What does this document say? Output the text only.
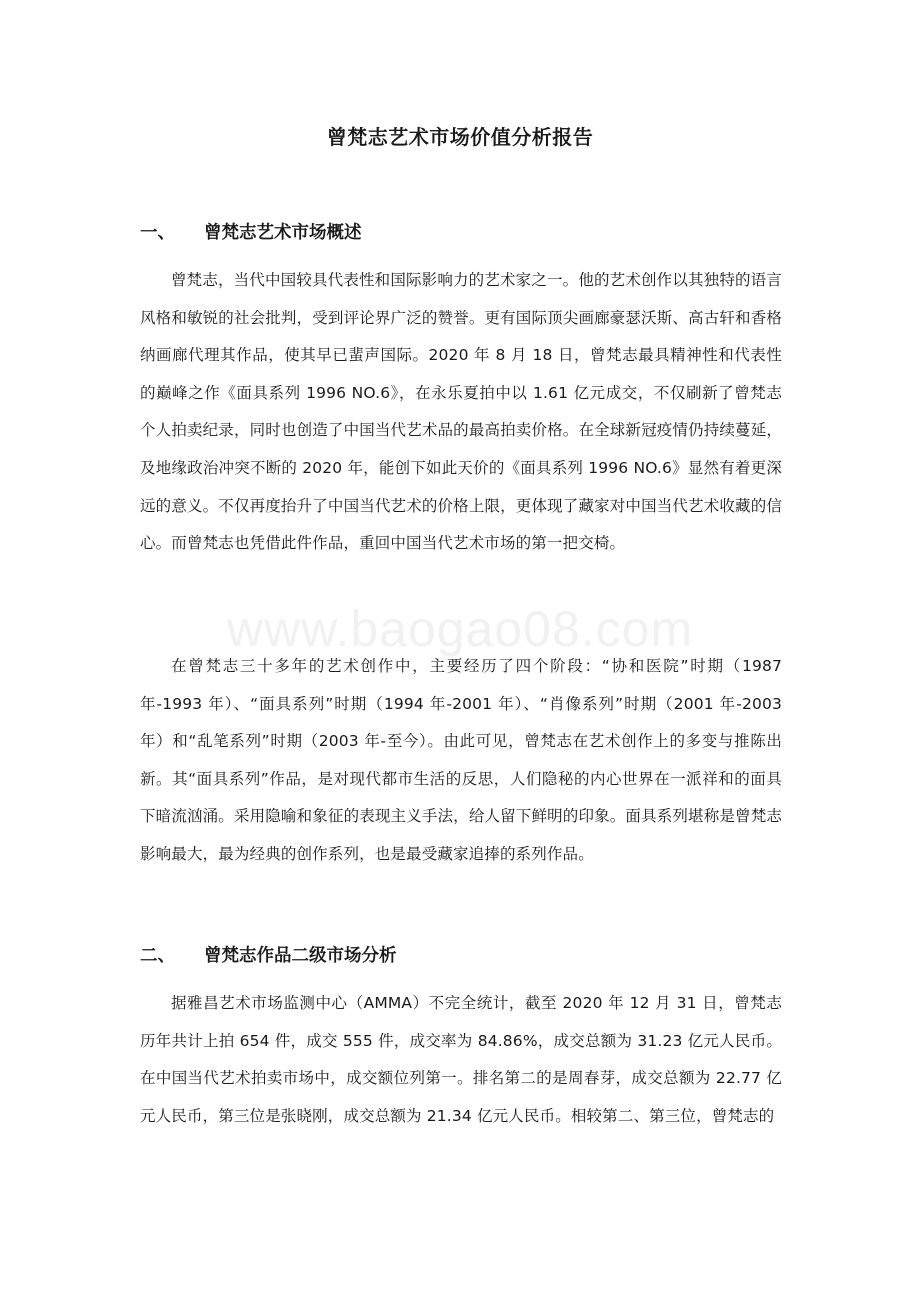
www.baogao08.com
曾梵志艺术市场价值分析报告
一、 曾梵志艺术市场概述

曾梵志，当代中国较具代表性和国际影响力的艺术家之一。他的艺术创作以其独特的语言风格和敏锐的社会批判，受到评论界广泛的赞誉。更有国际顶尖画廊豪瑟沃斯、高古轩和香格纳画廊代理其作品，使其早已蜚声国际。2020 年 8 月 18 日，曾梵志最具精神性和代表性的巅峰之作《面具系列 1996 NO.6》，在永乐夏拍中以 1.61 亿元成交，不仅刷新了曾梵志个人拍卖纪录，同时也创造了中国当代艺术品的最高拍卖价格。在全球新冠疫情仍持续蔓延，及地缘政治冲突不断的 2020 年，能创下如此天价的《面具系列 1996 NO.6》显然有着更深远的意义。不仅再度抬升了中国当代艺术的价格上限，更体现了藏家对中国当代艺术收藏的信心。而曾梵志也凭借此件作品，重回中国当代艺术市场的第一把交椅。

在曾梵志三十多年的艺术创作中，主要经历了四个阶段：“协和医院”时期（1987 年-1993 年）、“面具系列”时期（1994 年-2001 年）、“肖像系列”时期（2001 年-2003 年）和“乱笔系列”时期（2003 年-至今）。由此可见，曾梵志在艺术创作上的多变与推陈出新。其“面具系列”作品，是对现代都市生活的反思，人们隐秘的内心世界在一派祥和的面具下暗流汹涌。采用隐喻和象征的表现主义手法，给人留下鲜明的印象。面具系列堪称是曾梵志影响最大，最为经典的创作系列，也是最受藏家追捧的系列作品。

二、 曾梵志作品二级市场分析

据雅昌艺术市场监测中心（AMMA）不完全统计，截至 2020 年 12 月 31 日，曾梵志历年共计上拍 654 件，成交 555 件，成交率为 84.86%，成交总额为 31.23 亿元人民币。在中国当代艺术拍卖市场中，成交额位列第一。排名第二的是周春芽，成交总额为 22.77 亿元人民币，第三位是张晓刚，成交总额为 21.34 亿元人民币。相较第二、第三位，曾梵志的
